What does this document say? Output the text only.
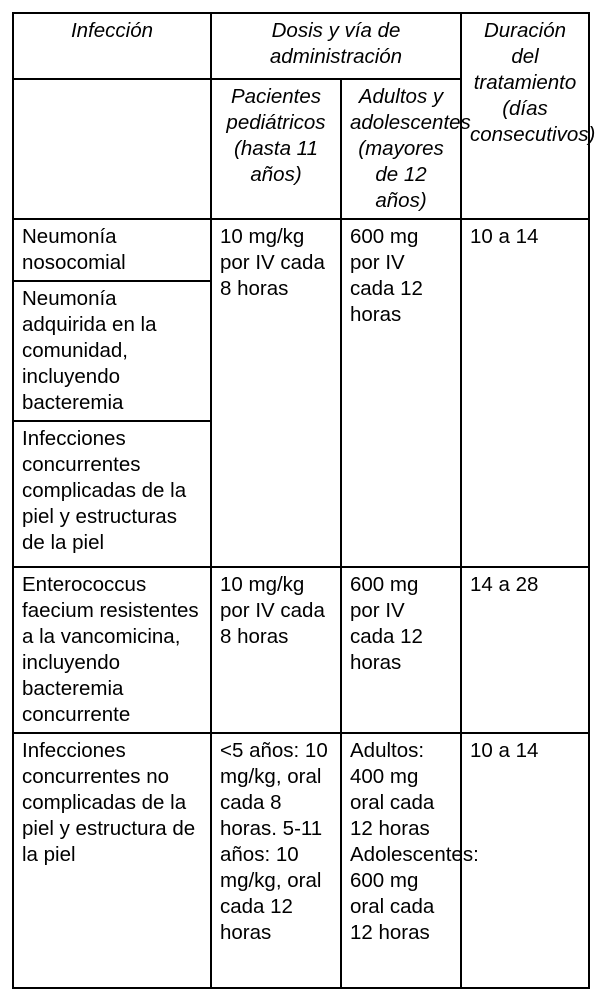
Infección	Dosis y vía de administración		Duración del tratamiento (días consecutivos)
	Pacientes pediátricos (hasta 11 años)	Adultos y adolescentes (mayores de 12 años)	
Neumonía nosocomial	10 mg/kg por IV cada 8 horas	600 mg por IV cada 12 horas	10 a 14
Neumonía adquirida en la comunidad, incluyendo bacteremia			
Infecciones concurrentes complicadas de la piel y estructuras de la piel			
Enterococcus faecium resistentes a la vancomicina, incluyendo bacteremia concurrente	10 mg/kg por IV cada 8 horas	600 mg por IV cada 12 horas	14 a 28
Infecciones concurrentes no complicadas de la piel y estructura de la piel	<5 años: 10 mg/kg, oral cada 8 horas. 5-11 años: 10 mg/kg, oral cada 12 horas	Adultos: 400 mg oral cada 12 horas Adolescentes: 600 mg oral cada 12 horas	10 a 14
